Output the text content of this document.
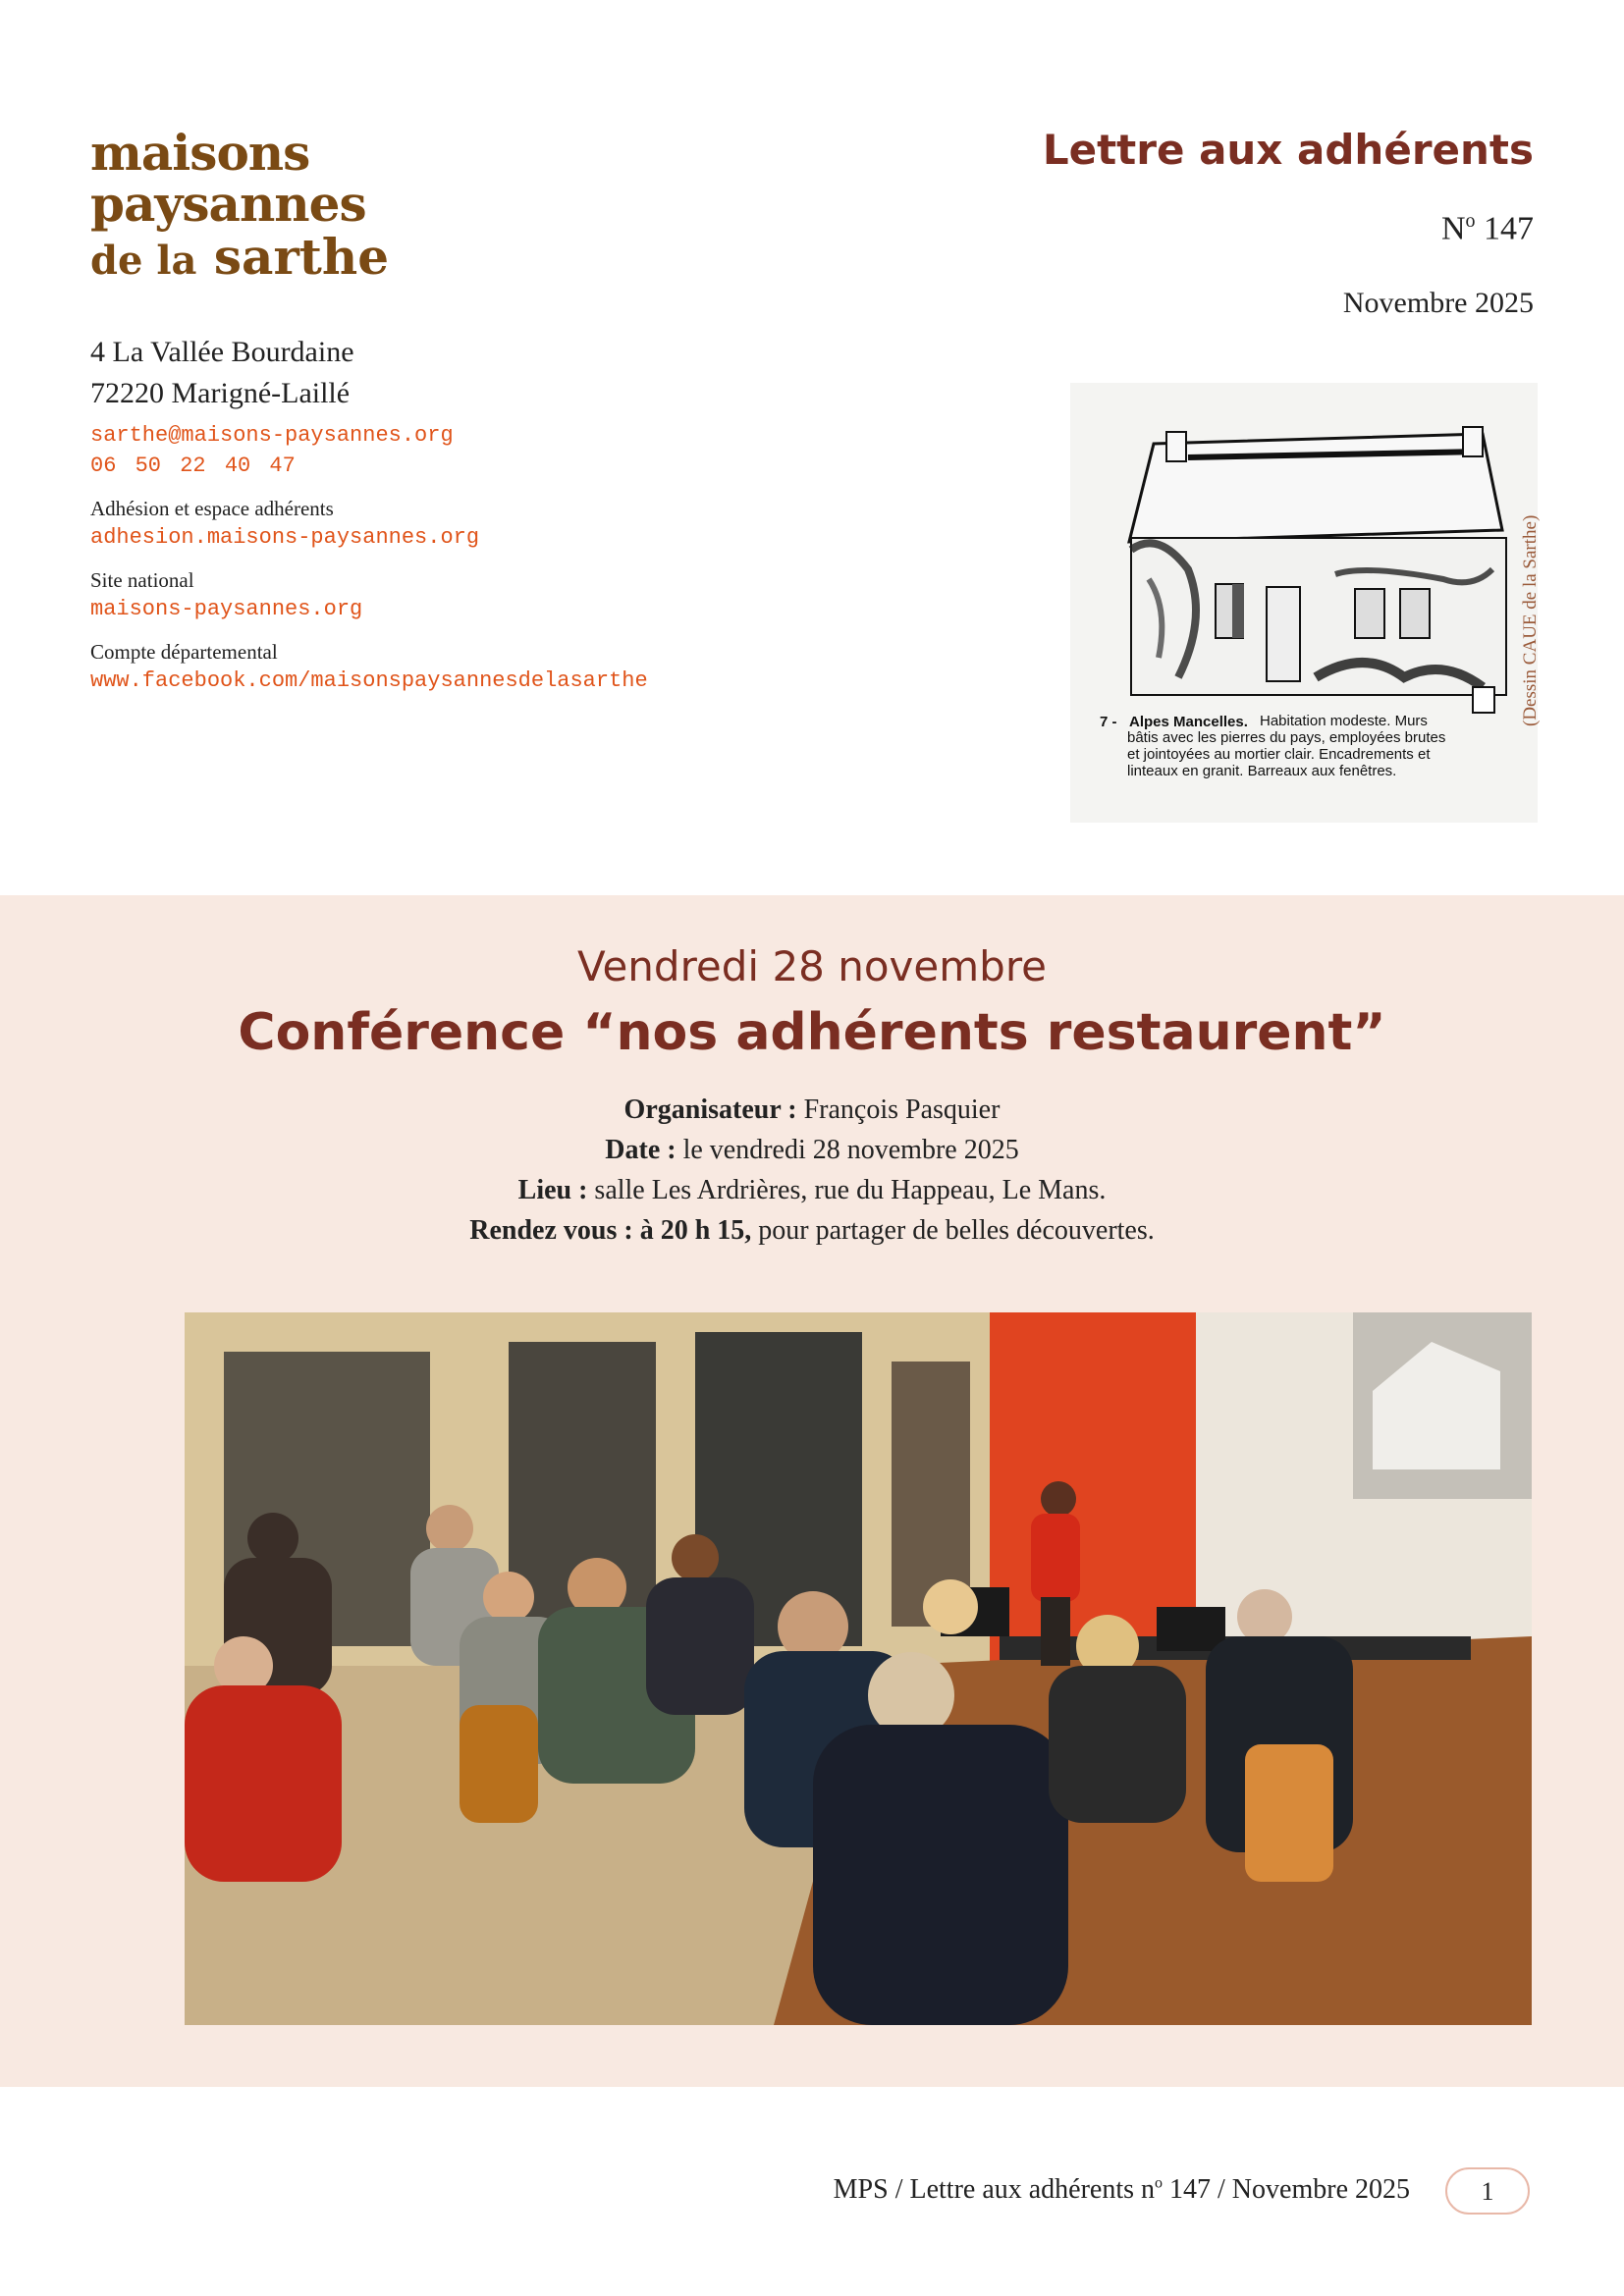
maisons
paysannes
de la sarthe
4 La Vallée Bourdaine
72220 Marigné-Laillé
sarthe@maisons-paysannes.org
06 50 22 40 47
Adhésion et espace adhérents
adhesion.maisons-paysannes.org
Site national
maisons-paysannes.org
Compte départemental
www.facebook.com/maisonspaysannesdelasarthe
Lettre aux adhérents
$N^o$ 147
Novembre 2025
7 - Alpes Mancelles. Habitation modeste. Murs bâtis avec les pierres du pays, employées brutes et jointoyées au mortier clair. Encadrements et linteaux en granit. Barreaux aux fenêtres.
(Dessin CAUE de la Sarthe)
Vendredi 28 novembre
Conférence “nos adhérents restaurent”
Organisateur : François Pasquier
Date : le vendredi 28 novembre 2025
Lieu : salle Les Ardrières, rue du Happeau, Le Mans.
Rendez vous : à 20 h 15, pour partager de belles découvertes.
MPS / Lettre aux adhérents $n^o$ 147 / Novembre 2025	1
